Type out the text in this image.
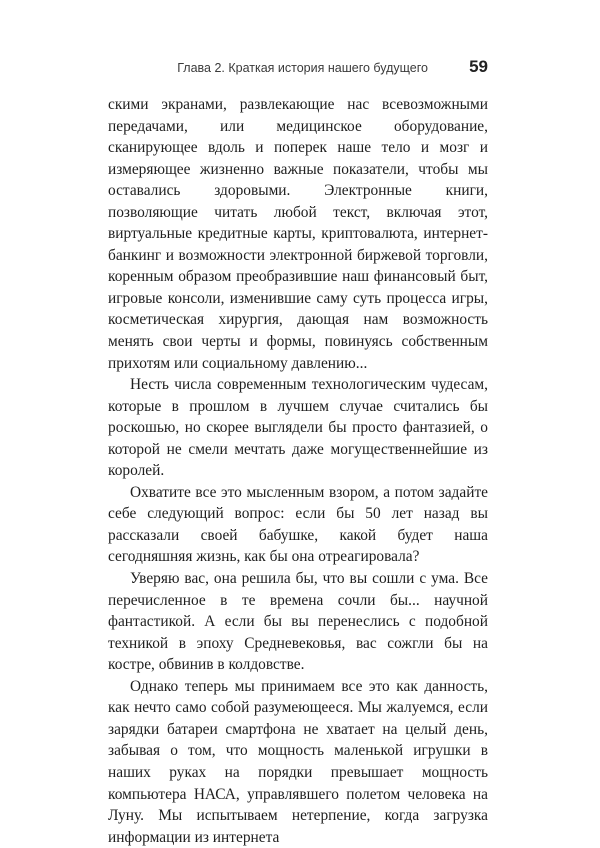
Глава 2. Краткая история нашего будущего 59

скими экранами, развлекающие нас всевозможными передачами, или медицинское оборудование, сканирующее вдоль и поперек наше тело и мозг и измеряющее жизненно важные показатели, чтобы мы оставались здоровыми. Электронные книги, позволяющие читать любой текст, включая этот, виртуальные кредитные карты, криптовалюта, интернет-банкинг и возможности электронной биржевой торговли, коренным образом преобразившие наш финансовый быт, игровые консоли, изменившие саму суть процесса игры, косметическая хирургия, дающая нам возможность менять свои черты и формы, повинуясь собственным прихотям или социальному давлению...

Несть числа современным технологическим чудесам, которые в прошлом в лучшем случае считались бы роскошью, но скорее выглядели бы просто фантазией, о которой не смели мечтать даже могущественнейшие из королей.

Охватите все это мысленным взором, а потом задайте себе следующий вопрос: если бы 50 лет назад вы рассказали своей бабушке, какой будет наша сегодняшняя жизнь, как бы она отреагировала?

Уверяю вас, она решила бы, что вы сошли с ума. Все перечисленное в те времена сочли бы... научной фантастикой. А если бы вы перенеслись с подобной техникой в эпоху Средневековья, вас сожгли бы на костре, обвинив в колдовстве.

Однако теперь мы принимаем все это как данность, как нечто само собой разумеющееся. Мы жалуемся, если зарядки батареи смартфона не хватает на целый день, забывая о том, что мощность маленькой игрушки в наших руках на порядки превышает мощность компьютера НАСА, управлявшего полетом человека на Луну. Мы испытываем нетерпение, когда загрузка информации из интернета
